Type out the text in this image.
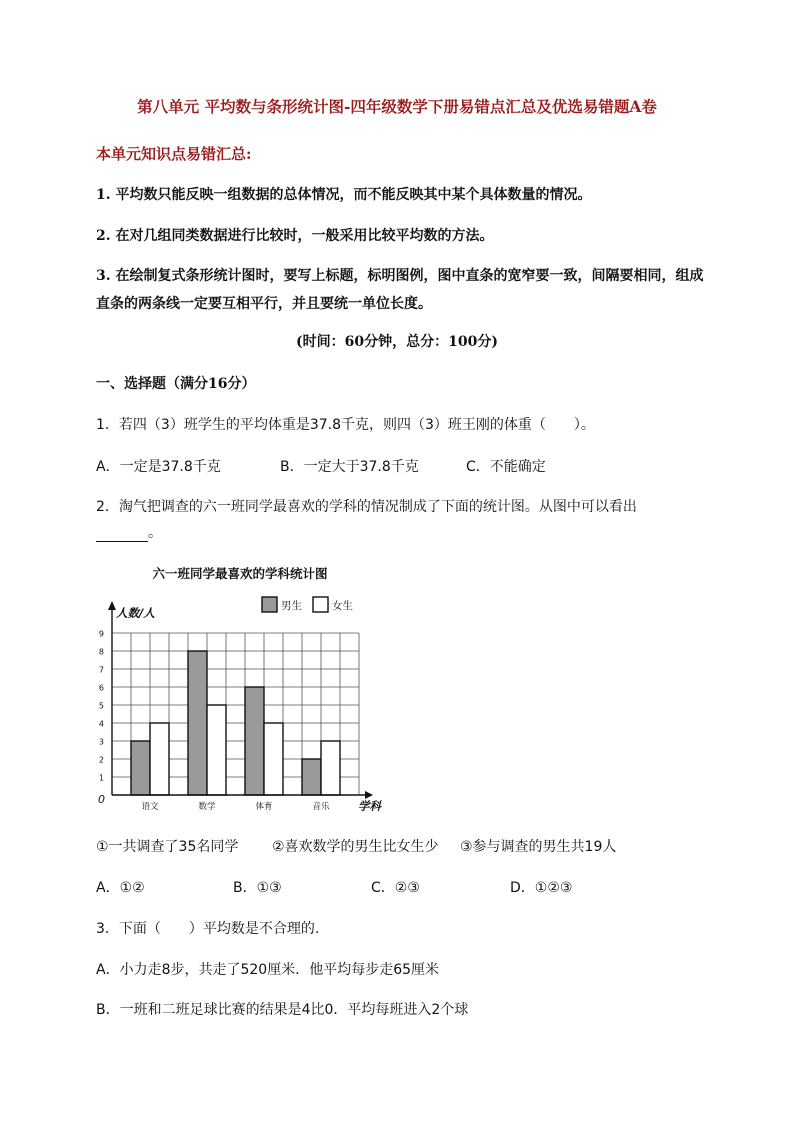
第八单元 平均数与条形统计图-四年级数学下册易错点汇总及优选易错题A卷
本单元知识点易错汇总:
1. 平均数只能反映一组数据的总体情况，而不能反映其中某个具体数量的情况。
2. 在对几组同类数据进行比较时，一般采用比较平均数的方法。
3. 在绘制复式条形统计图时，要写上标题，标明图例，图中直条的宽窄要一致，间隔要相同，组成直条的两条线一定要互相平行，并且要统一单位长度。
(时间：60分钟，总分：100分)
一、选择题（满分16分）
1．若四（3）班学生的平均体重是37.8千克，则四（3）班王刚的体重（　　）。
A．一定是37.8千克	B．一定大于37.8千克	C．不能确定
2．淘气把调查的六一班同学最喜欢的学科的情况制成了下面的统计图。从图中可以看出
。
六一班同学最喜欢的学科统计图
男生	女生
1
2
3
4
5
6
7
8
9
语文	数学	体育	音乐
人数/人
学科
0
①一共调查了35名同学 ②喜欢数学的男生比女生少 ③参与调查的男生共19人
A．①②	B．①③	C．②③	D．①②③
3．下面（　　）平均数是不合理的.
A．小力走8步，共走了520厘米．他平均每步走65厘米
B．一班和二班足球比赛的结果是4比0．平均每班进入2个球
